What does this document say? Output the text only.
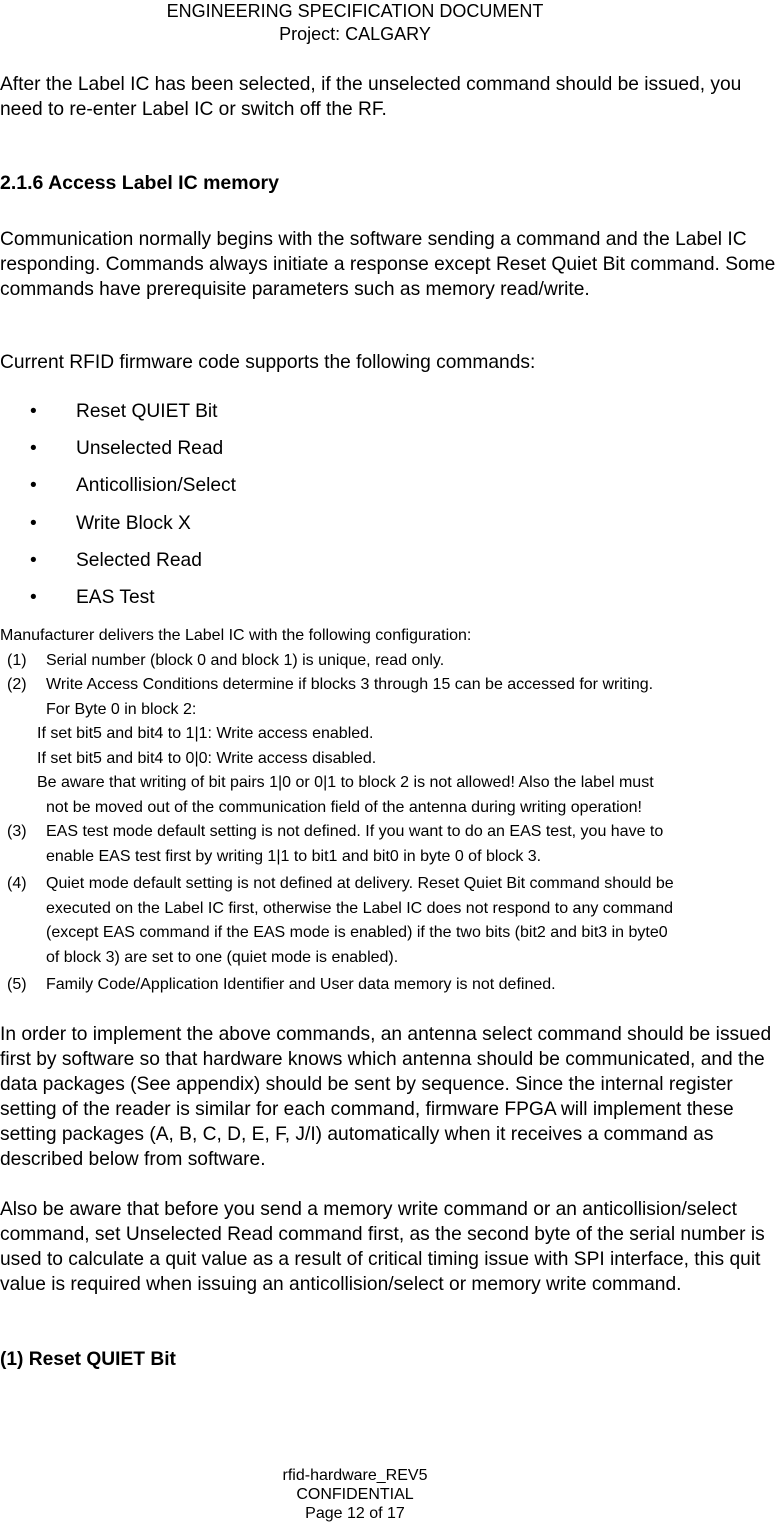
ENGINEERING SPECIFICATION DOCUMENT
Project: CALGARY

After the Label IC has been selected, if the unselected command should be issued, you need to re-enter Label IC or switch off the RF.

2.1.6 Access Label IC memory

Communication normally begins with the software sending a command and the Label IC responding. Commands always initiate a response except Reset Quiet Bit command. Some commands have prerequisite parameters such as memory read/write.

Current RFID firmware code supports the following commands:

• Reset QUIET Bit
• Unselected Read
• Anticollision/Select
• Write Block X
• Selected Read
• EAS Test

Manufacturer delivers the Label IC with the following configuration:

(1) Serial number (block 0 and block 1) is unique, read only.

(2) Write Access Conditions determine if blocks 3 through 15 can be accessed for writing.

For Byte 0 in block 2:

If set bit5 and bit4 to 1|1: Write access enabled.

If set bit5 and bit4 to 0|0: Write access disabled.

Be aware that writing of bit pairs 1|0 or 0|1 to block 2 is not allowed! Also the label must

not be moved out of the communication field of the antenna during writing operation!

(3) EAS test mode default setting is not defined. If you want to do an EAS test, you have to

enable EAS test first by writing 1|1 to bit1 and bit0 in byte 0 of block 3.

(4) Quiet mode default setting is not defined at delivery. Reset Quiet Bit command should be

executed on the Label IC first, otherwise the Label IC does not respond to any command

(except EAS command if the EAS mode is enabled) if the two bits (bit2 and bit3 in byte0

of block 3) are set to one (quiet mode is enabled).

(5) Family Code/Application Identifier and User data memory is not defined.

In order to implement the above commands, an antenna select command should be issued first by software so that hardware knows which antenna should be communicated, and the data packages (See appendix) should be sent by sequence. Since the internal register setting of the reader is similar for each command, firmware FPGA will implement these setting packages (A, B, C, D, E, F, J/I) automatically when it receives a command as described below from software.

Also be aware that before you send a memory write command or an anticollision/select command, set Unselected Read command first, as the second byte of the serial number is used to calculate a quit value as a result of critical timing issue with SPI interface, this quit value is required when issuing an anticollision/select or memory write command.

(1) Reset QUIET Bit
rfid-hardware_REV5
CONFIDENTIAL
Page 12 of 17
